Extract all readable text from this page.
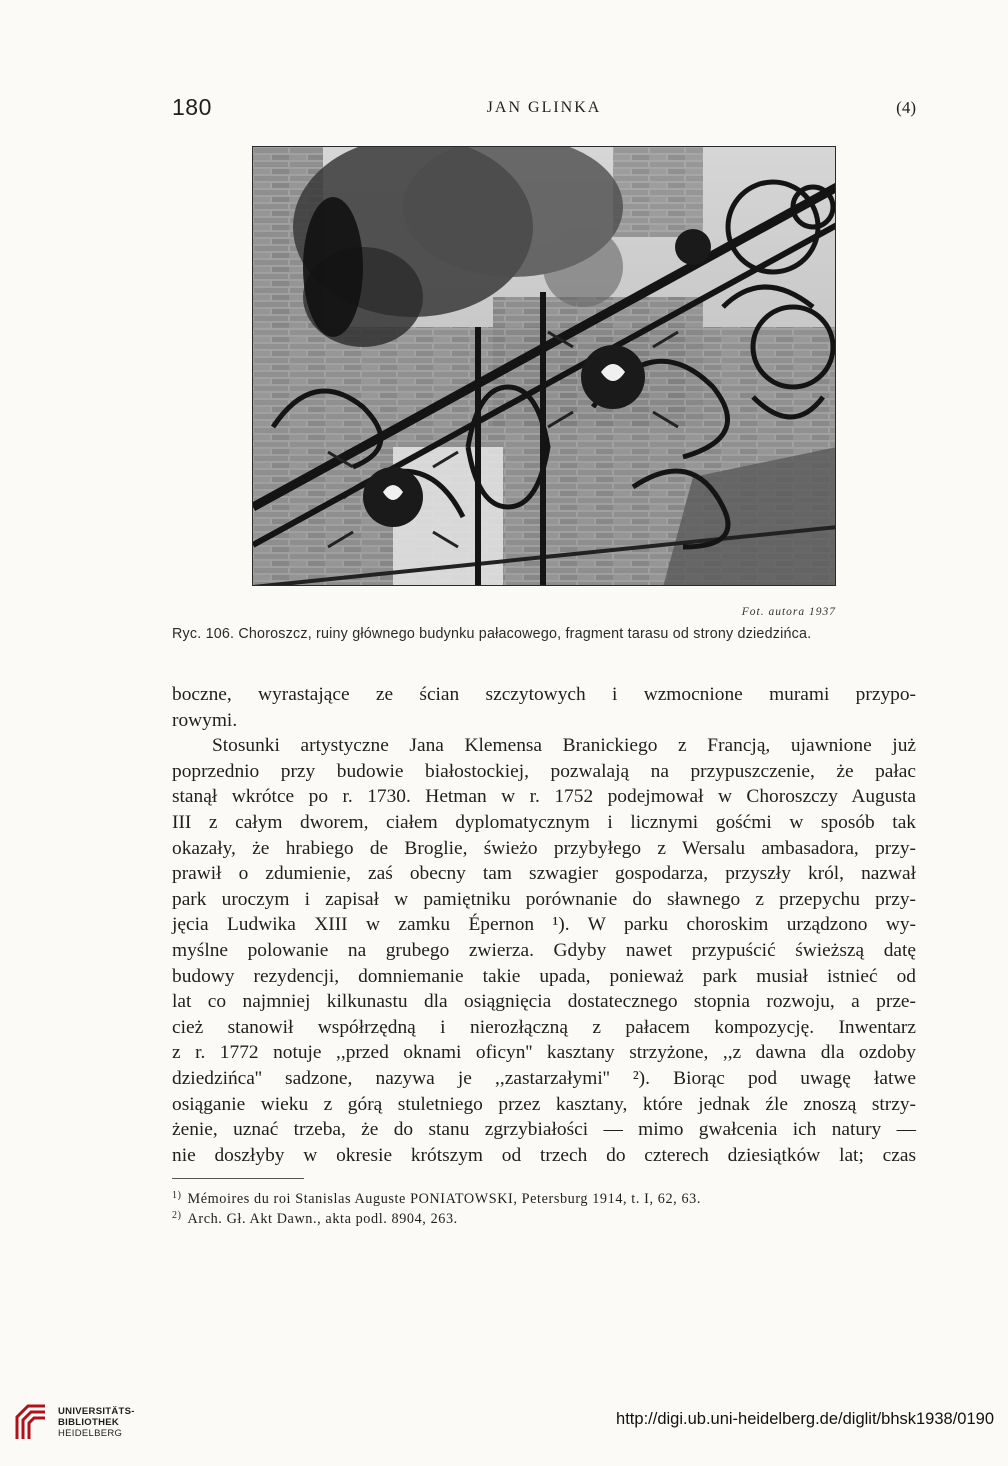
180	JAN GLINKA	(4)
Fot. autora 1937
Ryc. 106. Choroszcz, ruiny głównego budynku pałacowego, fragment tarasu od strony dziedzińca.
boczne, wyrastające ze ścian szczytowych i wzmocnione murami przypo-
rowymi.
Stosunki artystyczne Jana Klemensa Branickiego z Francją, ujawnione już
poprzednio przy budowie białostockiej, pozwalają na przypuszczenie, że pałac
stanął wkrótce po r. 1730. Hetman w r. 1752 podejmował w Choroszczy Augusta
III z całym dworem, ciałem dyplomatycznym i licznymi gośćmi w sposób tak
okazały, że hrabiego de Broglie, świeżo przybyłego z Wersalu ambasadora, przy-
prawił o zdumienie, zaś obecny tam szwagier gospodarza, przyszły król, nazwał
park uroczym i zapisał w pamiętniku porównanie do sławnego z przepychu przy-
jęcia Ludwika XIII w zamku Épernon ¹). W parku choroskim urządzono wy-
myślne polowanie na grubego zwierza. Gdyby nawet przypuścić świeższą datę
budowy rezydencji, domniemanie takie upada, ponieważ park musiał istnieć od
lat co najmniej kilkunastu dla osiągnięcia dostatecznego stopnia rozwoju, a prze-
cież stanowił współrzędną i nierozłączną z pałacem kompozycję. Inwentarz
z r. 1772 notuje ,,przed oknami oficyn'' kasztany strzyżone, ,,z dawna dla ozdoby
dziedzińca'' sadzone, nazywa je ,,zastarzałymi'' ²). Biorąc pod uwagę łatwe
osiąganie wieku z górą stuletniego przez kasztany, które jednak źle znoszą strzy-
żenie, uznać trzeba, że do stanu zgrzybiałości — mimo gwałcenia ich natury —
nie doszłyby w okresie krótszym od trzech do czterech dziesiątków lat; czas
$^{1)}$ Mémoires du roi Stanislas Auguste PONIATOWSKI, Petersburg 1914, t. I, 62, 63.
$^{2)}$ Arch. Gł. Akt Dawn., akta podl. 8904, 263.
UNIVERSITÄTS-
BIBLIOTHEK
HEIDELBERG
http://digi.ub.uni-heidelberg.de/diglit/bhsk1938/0190
